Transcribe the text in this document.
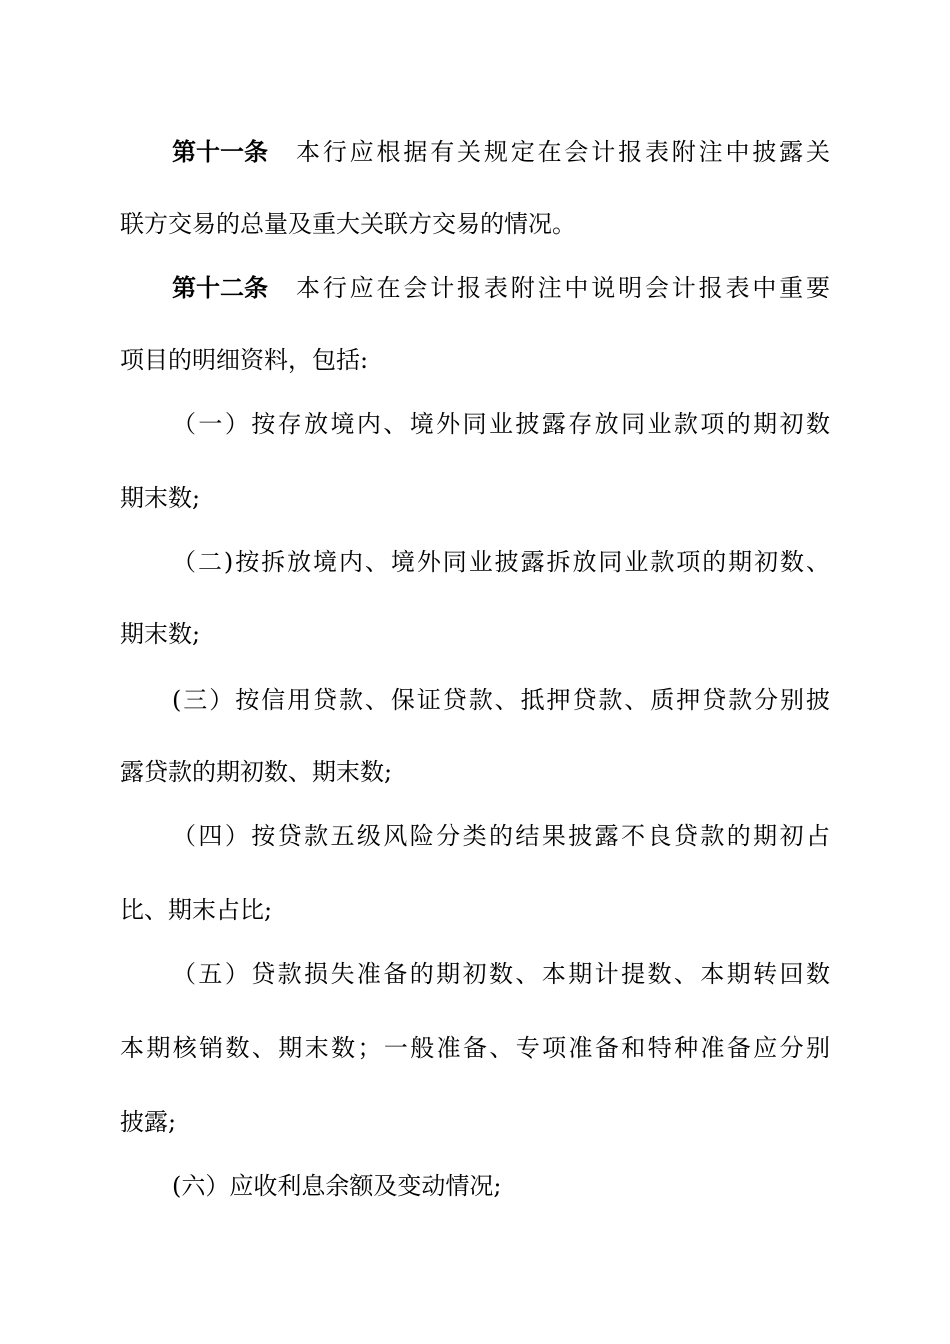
第十一条 本行应根据有关规定在会计报表附注中披露关
联方交易的总量及重大关联方交易的情况。
第十二条 本行应在会计报表附注中说明会计报表中重要
项目的明细资料，包括:
（一）按存放境内、境外同业披露存放同业款项的期初数
期末数;
（二)按拆放境内、境外同业披露拆放同业款项的期初数、
期末数;
(三）按信用贷款、保证贷款、抵押贷款、质押贷款分别披
露贷款的期初数、期末数;
（四）按贷款五级风险分类的结果披露不良贷款的期初占
比、期末占比;
（五）贷款损失准备的期初数、本期计提数、本期转回数
本期核销数、期末数；一般准备、专项准备和特种准备应分别
披露;
(六）应收利息余额及变动情况;
